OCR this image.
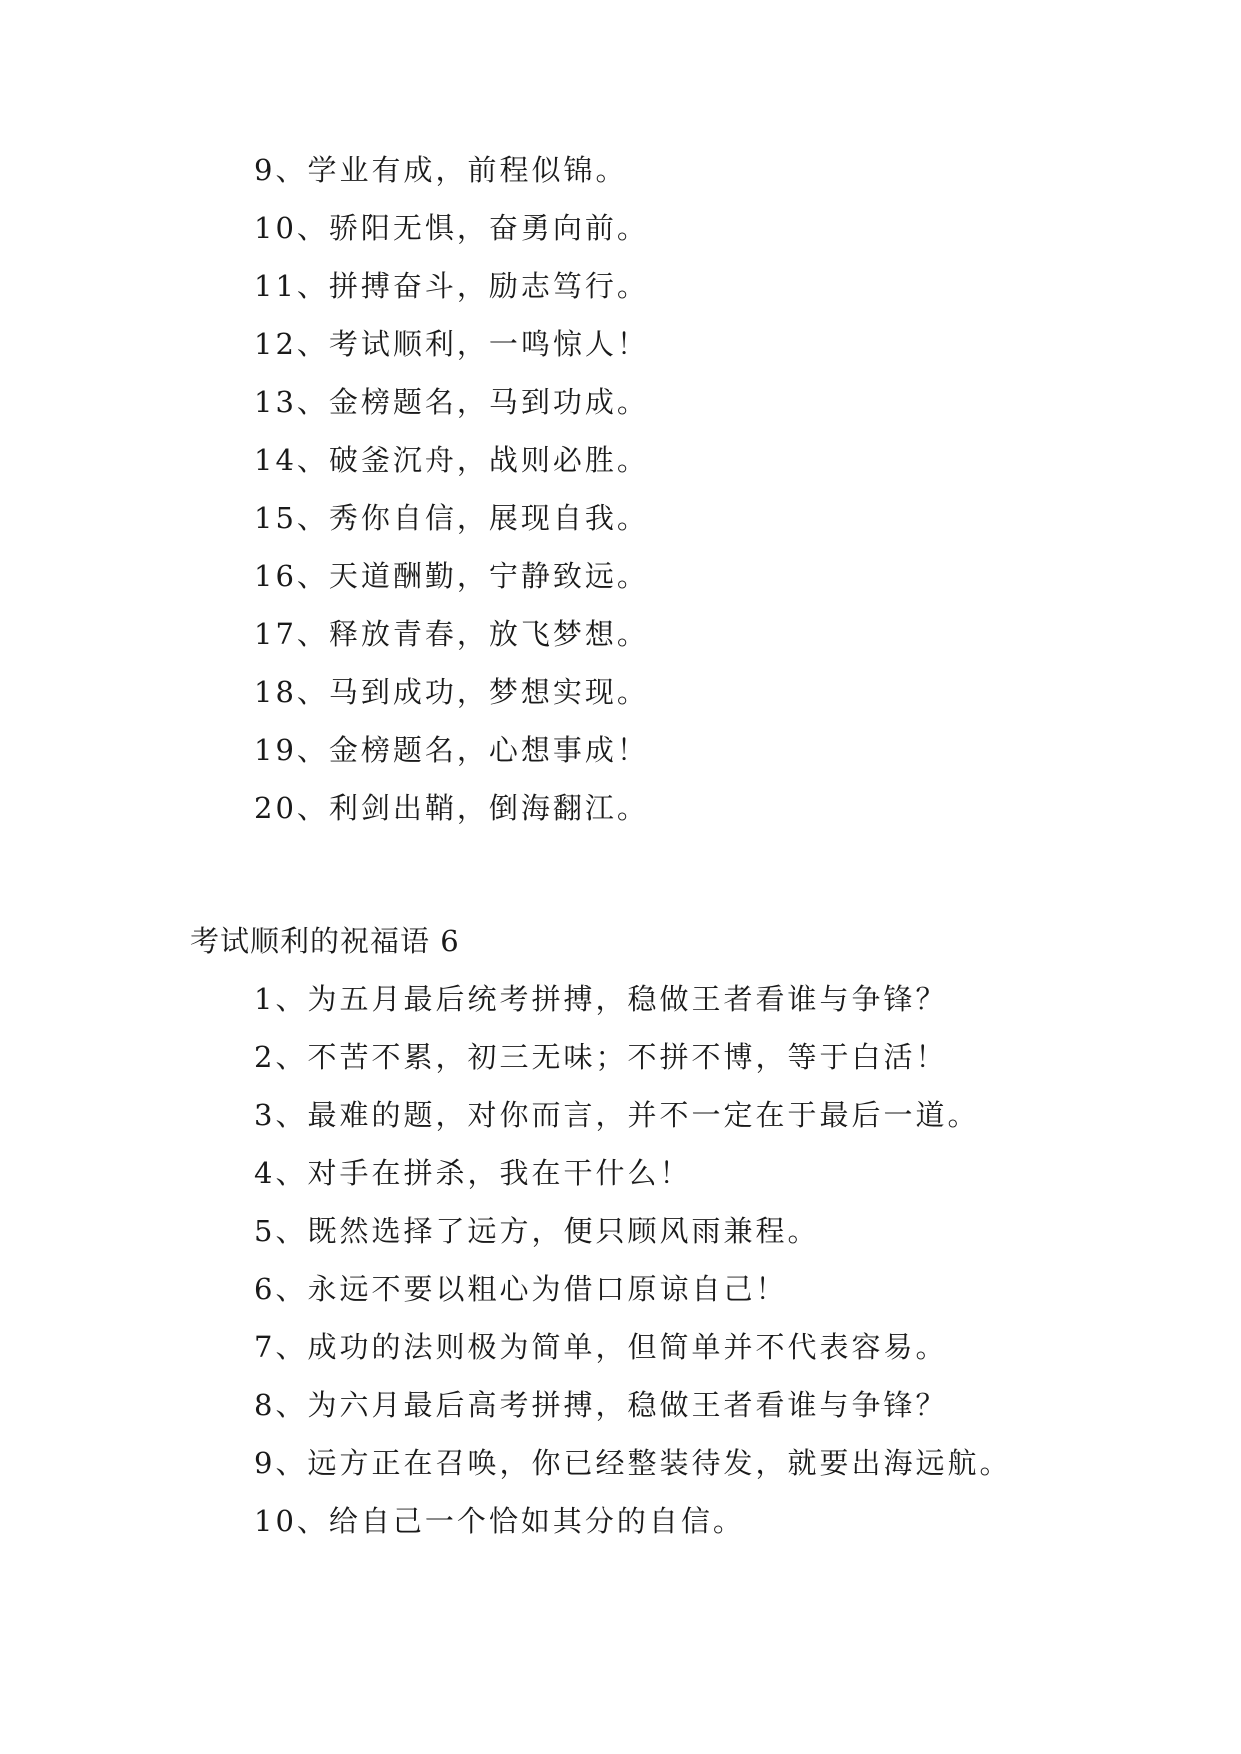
9、学业有成，前程似锦。
10、骄阳无惧，奋勇向前。
11、拼搏奋斗，励志笃行。
12、考试顺利，一鸣惊人！
13、金榜题名，马到功成。
14、破釜沉舟，战则必胜。
15、秀你自信，展现自我。
16、天道酬勤，宁静致远。
17、释放青春，放飞梦想。
18、马到成功，梦想实现。
19、金榜题名，心想事成！
20、利剑出鞘，倒海翻江。
考试顺利的祝福语 6
1、为五月最后统考拼搏，稳做王者看谁与争锋？
2、不苦不累，初三无味；不拼不博，等于白活！
3、最难的题，对你而言，并不一定在于最后一道。
4、对手在拼杀，我在干什么！
5、既然选择了远方，便只顾风雨兼程。
6、永远不要以粗心为借口原谅自己！
7、成功的法则极为简单，但简单并不代表容易。
8、为六月最后高考拼搏，稳做王者看谁与争锋？
9、远方正在召唤，你已经整装待发，就要出海远航。
10、给自己一个恰如其分的自信。
